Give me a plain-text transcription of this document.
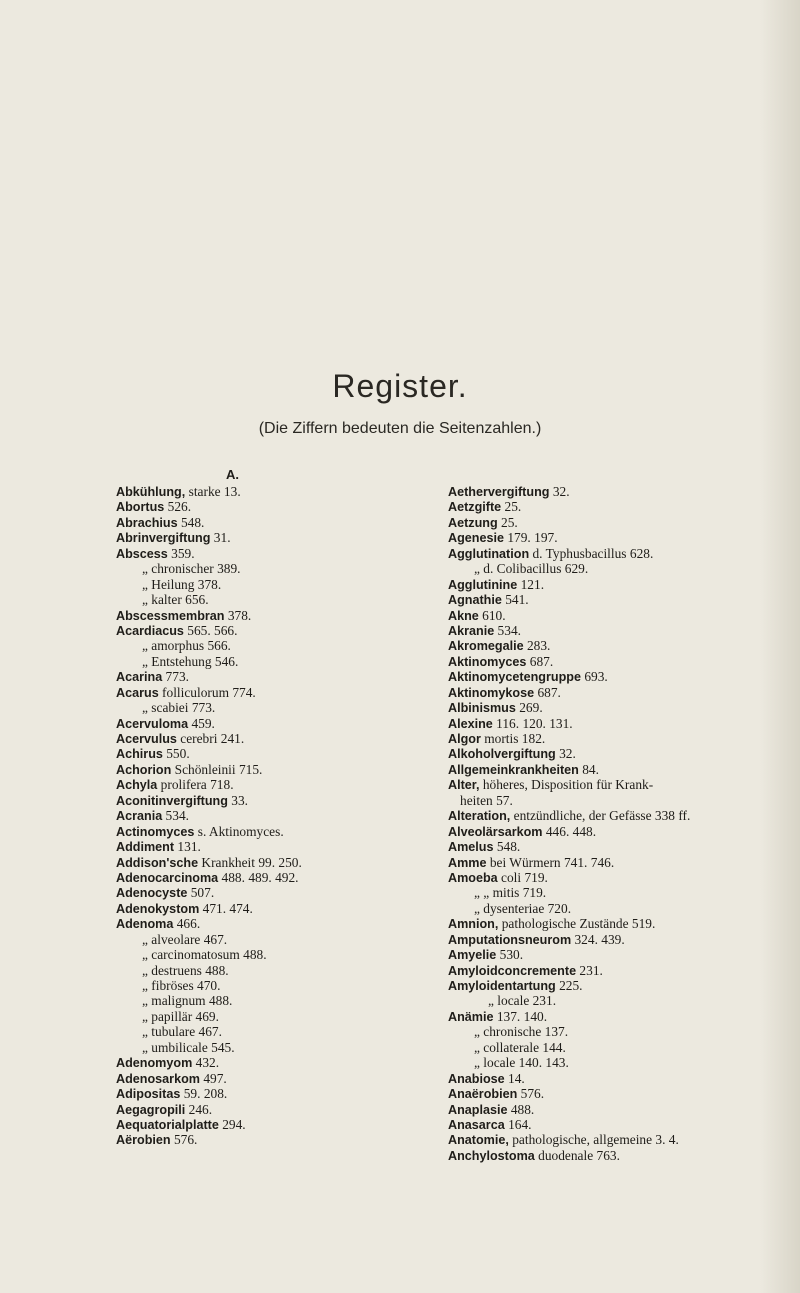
Register.
(Die Ziffern bedeuten die Seitenzahlen.)
A.
Abkühlung, starke 13.
Abortus 526.
Abrachius 548.
Abrinvergiftung 31.
Abscess 359.
„ chronischer 389.
„ Heilung 378.
„ kalter 656.
Abscessmembran 378.
Acardiacus 565. 566.
„ amorphus 566.
„ Entstehung 546.
Acarina 773.
Acarus folliculorum 774.
„ scabiei 773.
Acervuloma 459.
Acervulus cerebri 241.
Achirus 550.
Achorion Schönleinii 715.
Achyla prolifera 718.
Aconitinvergiftung 33.
Acrania 534.
Actinomyces s. Aktinomyces.
Addiment 131.
Addison'sche Krankheit 99. 250.
Adenocarcinoma 488. 489. 492.
Adenocyste 507.
Adenokystom 471. 474.
Adenoma 466.
„ alveolare 467.
„ carcinomatosum 488.
„ destruens 488.
„ fibröses 470.
„ malignum 488.
„ papillär 469.
„ tubulare 467.
„ umbilicale 545.
Adenomyom 432.
Adenosarkom 497.
Adipositas 59. 208.
Aegagropili 246.
Aequatorialplatte 294.
Aërobien 576.
Aethervergiftung 32.
Aetzgifte 25.
Aetzung 25.
Agenesie 179. 197.
Agglutination d. Typhusbacillus 628.
„ d. Colibacillus 629.
Agglutinine 121.
Agnathie 541.
Akne 610.
Akranie 534.
Akromegalie 283.
Aktinomyces 687.
Aktinomycetengruppe 693.
Aktinomykose 687.
Albinismus 269.
Alexine 116. 120. 131.
Algor mortis 182.
Alkoholvergiftung 32.
Allgemeinkrankheiten 84.
Alter, höheres, Disposition für Krank-
heiten 57.
Alteration, entzündliche, der Gefässe 338 ff.
Alveolärsarkom 446. 448.
Amelus 548.
Amme bei Würmern 741. 746.
Amoeba coli 719.
„ „ mitis 719.
„ dysenteriae 720.
Amnion, pathologische Zustände 519.
Amputationsneurom 324. 439.
Amyelie 530.
Amyloidconcremente 231.
Amyloidentartung 225.
„ locale 231.
Anämie 137. 140.
„ chronische 137.
„ collaterale 144.
„ locale 140. 143.
Anabiose 14.
Anaërobien 576.
Anaplasie 488.
Anasarca 164.
Anatomie, pathologische, allgemeine 3. 4.
Anchylostoma duodenale 763.
